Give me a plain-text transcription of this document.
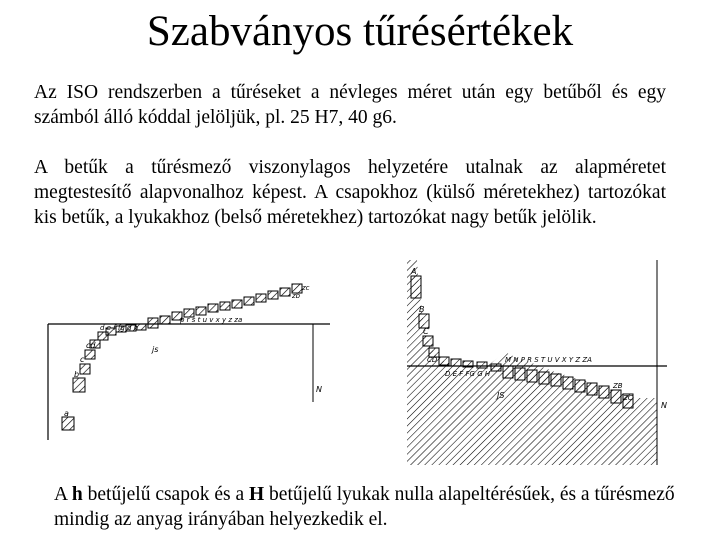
Szabványos tűrésértékek

Az ISO rendszerben a tűréseket a névleges méret után egy betűből és egy számból álló kóddal jelöljük, pl. 25 H7, 40 g6.

A betűk a tűrésmező viszonylagos helyzetére utalnak az alapméretet megtestesítő alapvonalhoz képest. A csapokhoz (külső méretekhez) tartozókat kis betűk, a lyukakhoz (belső méretekhez) tartozókat nagy betűk jelölik.

a
b
c
cd
d e f fg g h
p r s t u v x y z za
zb
zc
js
N
A
B
C
CD
D E F FG G H
M N P R S T U V X Y Z ZA
ZB
ZC
JS
N

A h betűjelű csapok és a H betűjelű lyukak nulla alapeltérésűek, és a tűrésmező mindig az anyag irányában helyezkedik el.
